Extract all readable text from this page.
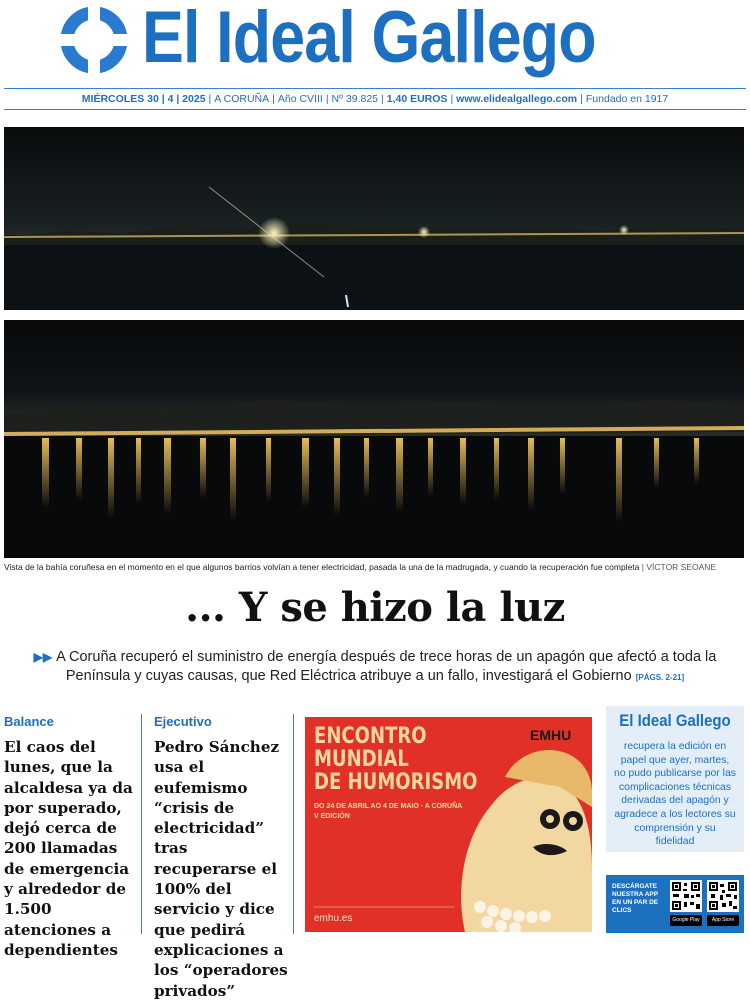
El Ideal Gallego
MIÉRCOLES 30 | 4 | 2025 | A CORUÑA | Año CVIII | Nº 39.825 | 1,40 EUROS | www.elidealgallego.com | Fundado en 1917
Vista de la bahía coruñesa en el momento en el que algunos barrios volvían a tener electricidad, pasada la una de la madrugada, y cuando la recuperación fue completa | VÍCTOR SEOANE
... Y se hizo la luz
▶▶ A Coruña recuperó el suministro de energía después de trece horas de un apagón que afectó a toda la Península y cuyas causas, que Red Eléctrica atribuye a un fallo, investigará el Gobierno [PÁGS. 2-21]
Balance
El caos del lunes, que la alcaldesa ya da por superado, dejó cerca de 200 llamadas de emergencia y alrededor de 1.500 atenciones a dependientes
Ejecutivo
Pedro Sánchez usa el eufemismo “crisis de electricidad” tras recuperarse el 100% del servicio y dice que pedirá explicaciones a los “operadores privados”
ENCONTRO
MUNDIAL
DE HUMORISMO
DO 24 DE ABRIL AO 4 DE MAIO · A CORUÑA
V EDICIÓN
EMHU
emhu.es
El Ideal Gallego
recupera la edición en papel que ayer, martes, no pudo publicarse por las complicaciones técnicas derivadas del apagón y agradece a los lectores su comprensión y su fidelidad
DESCÁRGATE NUESTRA APP EN UN PAR DE CLICS
Google Play	App Store
